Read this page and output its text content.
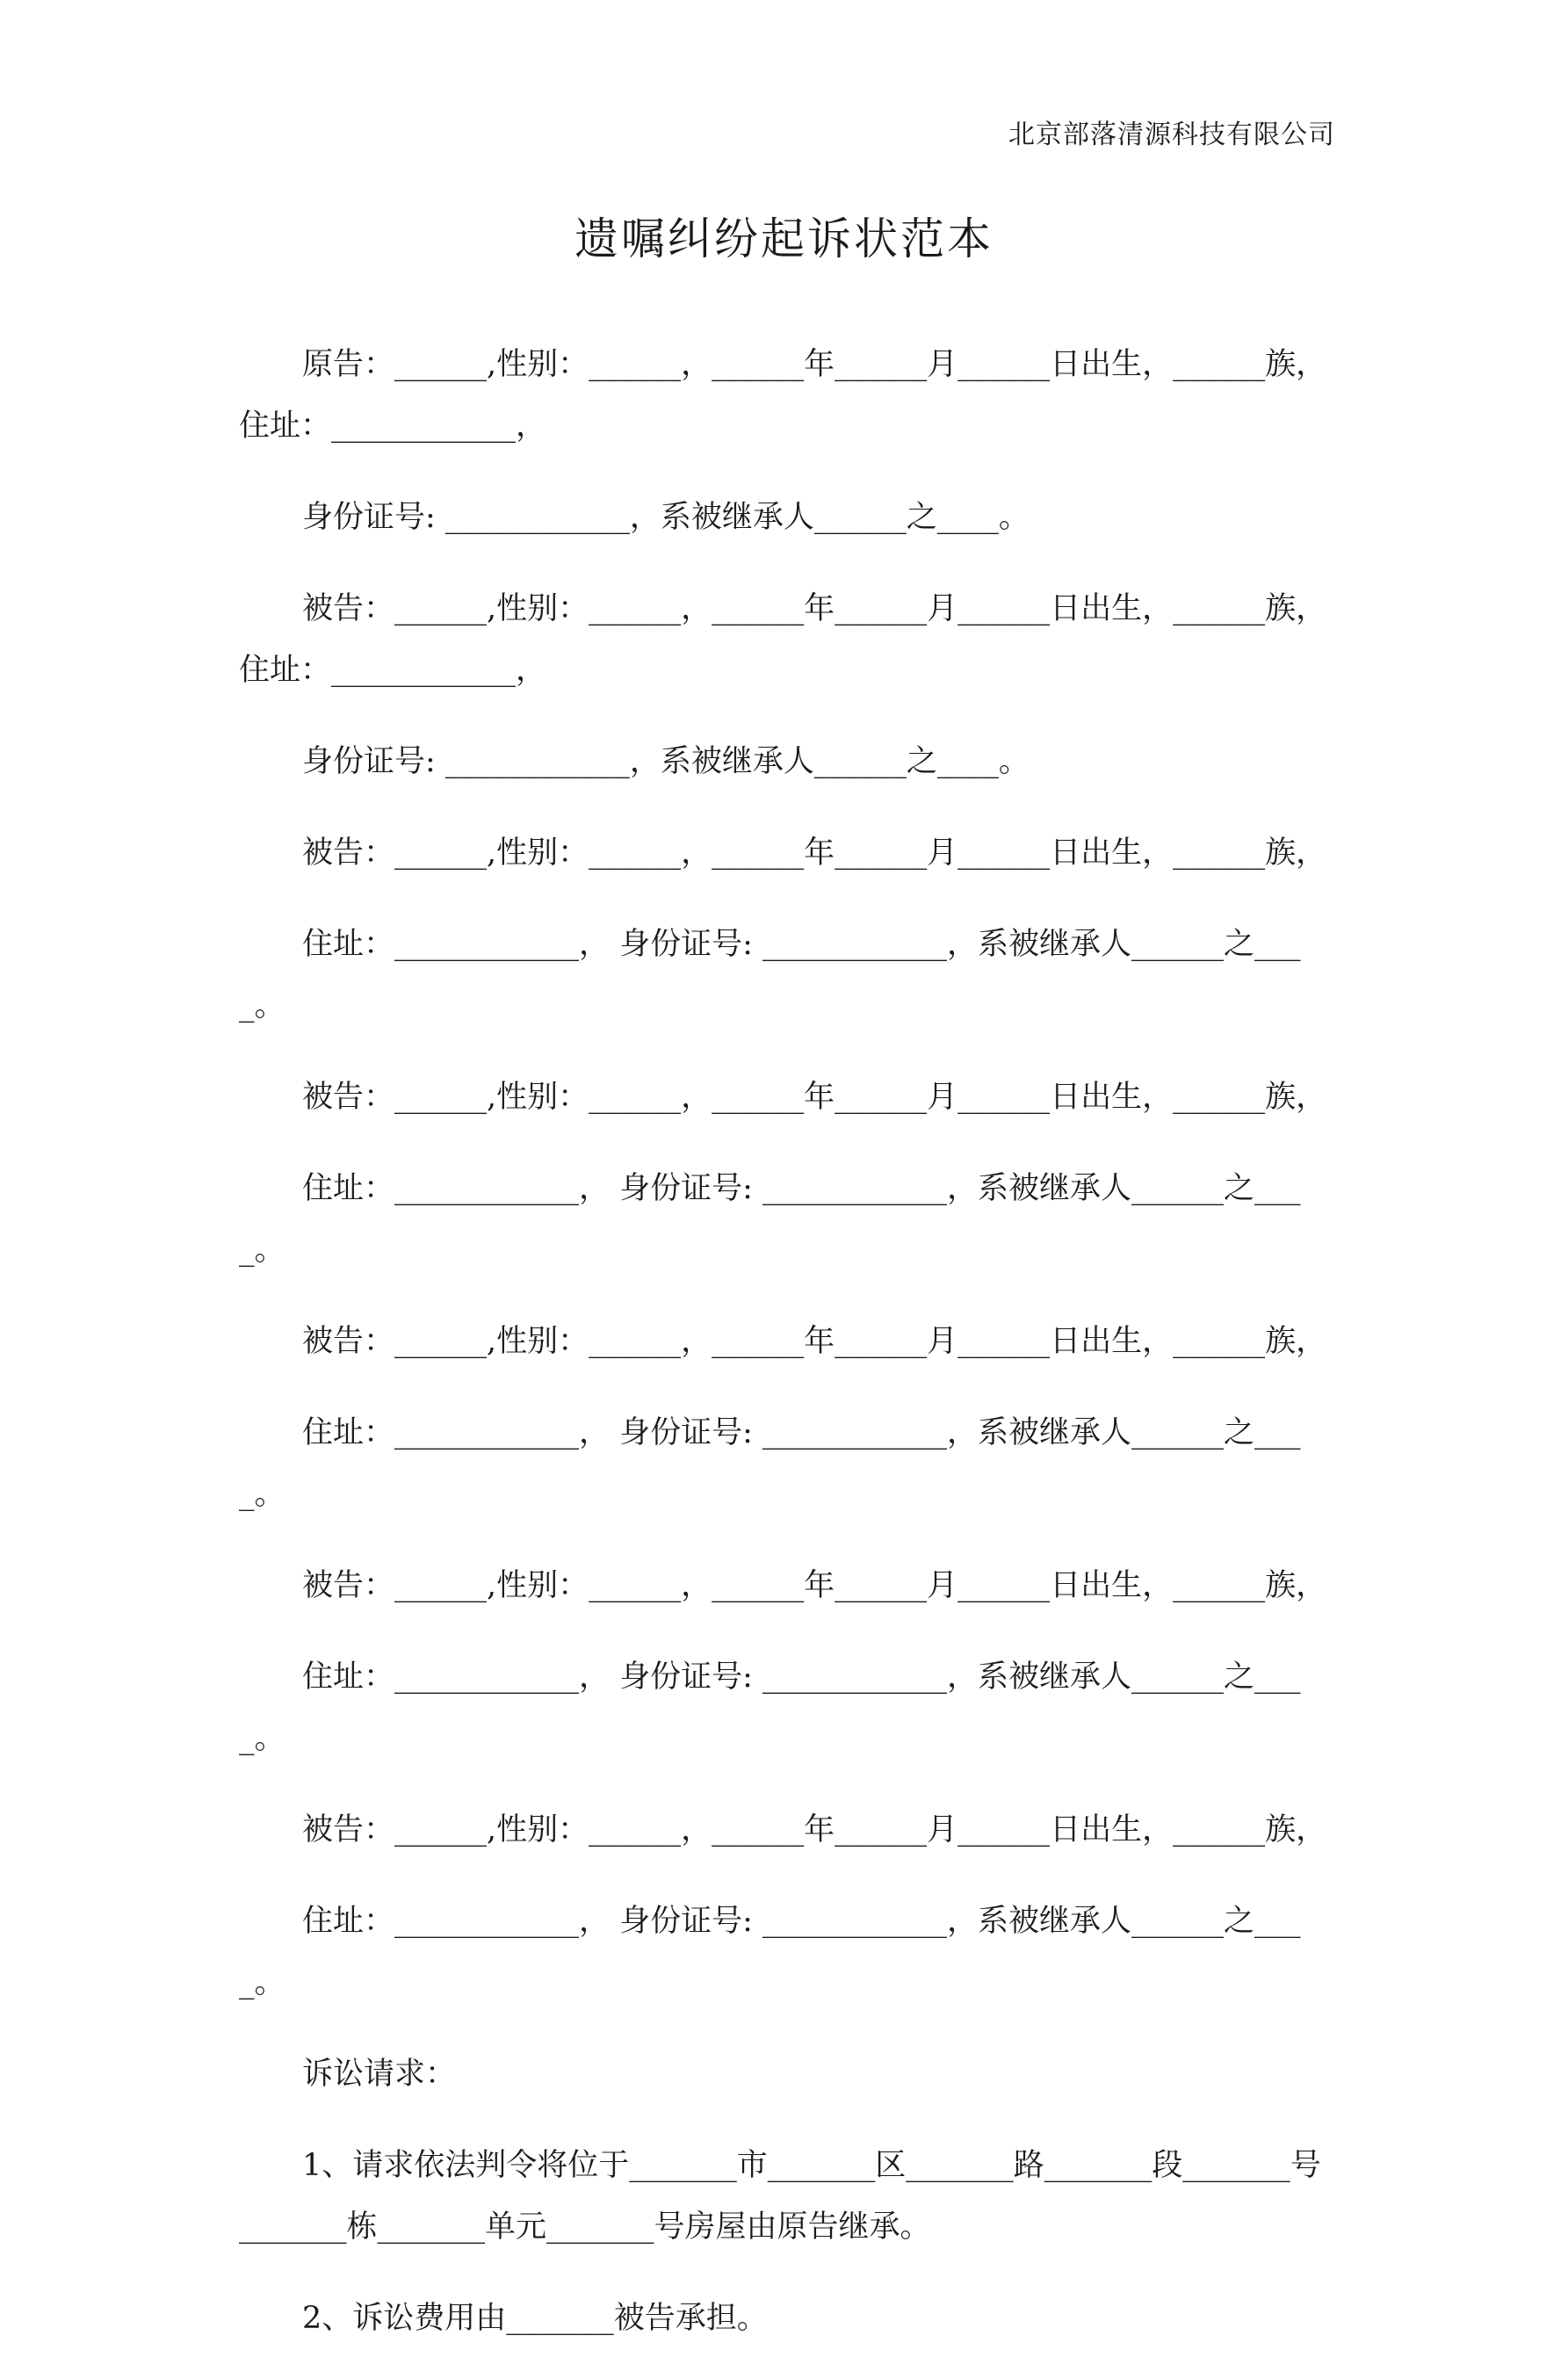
北京部落清源科技有限公司
遗嘱纠纷起诉状范本

原告：______,性别：______，______年______月______日出生，______族，住址：____________，

身份证号: ____________，系被继承人______之____。

被告：______,性别：______，______年______月______日出生，______族，住址：____________，

身份证号: ____________，系被继承人______之____。

被告：______,性别：______，______年______月______日出生，______族，

住址：____________， 身份证号: ____________，系被继承人______之____。

被告：______,性别：______，______年______月______日出生，______族，

住址：____________， 身份证号: ____________，系被继承人______之____。

被告：______,性别：______，______年______月______日出生，______族，

住址：____________， 身份证号: ____________，系被继承人______之____。

被告：______,性别：______，______年______月______日出生，______族，

住址：____________， 身份证号: ____________，系被继承人______之____。

被告：______,性别：______，______年______月______日出生，______族，

住址：____________， 身份证号: ____________，系被继承人______之____。

诉讼请求：

1、请求依法判令将位于_______市_______区_______路_______段_______号_______栋_______单元_______号房屋由原告继承。

2、诉讼费用由_______被告承担。
